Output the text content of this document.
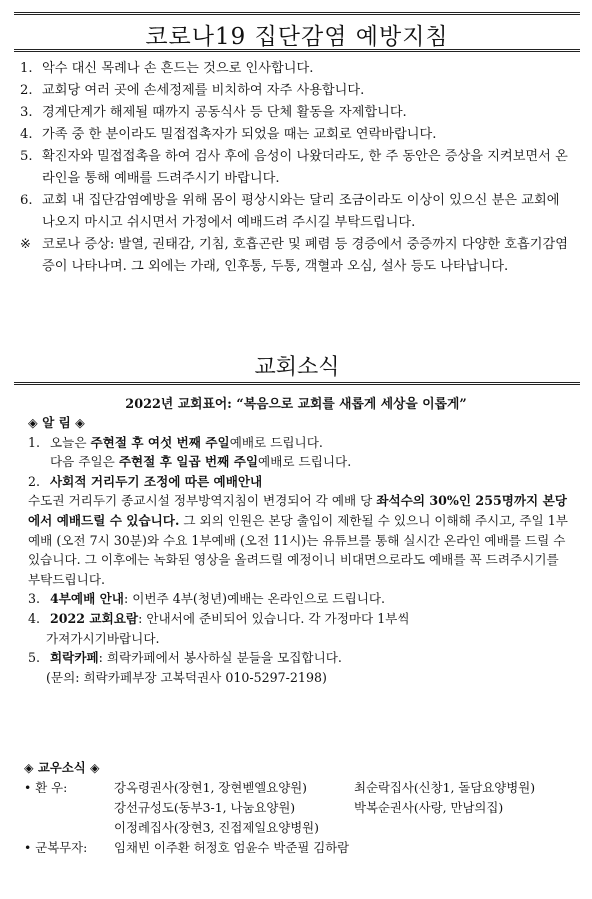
코로나19 집단감염 예방지침
1. 악수 대신 목례나 손 흔드는 것으로 인사합니다.
2. 교회당 여러 곳에 손세정제를 비치하여 자주 사용합니다.
3. 경계단계가 해제될 때까지 공동식사 등 단체 활동을 자제합니다.
4. 가족 중 한 분이라도 밀접접촉자가 되었을 때는 교회로 연락바랍니다.
5. 확진자와 밀접접촉을 하여 검사 후에 음성이 나왔더라도, 한 주 동안은 증상을 지켜보면서 온라인을 통해 예배를 드려주시기 바랍니다.
6. 교회 내 집단감염예방을 위해 몸이 평상시와는 달리 조금이라도 이상이 있으신 분은 교회에 나오지 마시고 쉬시면서 가정에서 예배드려 주시길 부탁드립니다.
※ 코로나 증상: 발열, 권태감, 기침, 호흡곤란 및 폐렴 등 경증에서 중증까지 다양한 호흡기감염증이 나타나며. 그 외에는 가래, 인후통, 두통, 객혈과 오심, 설사 등도 나타납니다.
교회소식
2022년 교회표어: “복음으로 교회를 새롭게 세상을 이롭게”
◈ 알 림 ◈
1. 오늘은 주현절 후 여섯 번째 주일예배로 드립니다.
다음 주일은 주현절 후 일곱 번째 주일예배로 드립니다.
2. 사회적 거리두기 조정에 따른 예배안내
수도권 거리두기 종교시설 정부방역지침이 변경되어 각 예배 당 좌석수의 30%인 255명까지 본당에서 예배드릴 수 있습니다. 그 외의 인원은 본당 출입이 제한될 수 있으니 이해해 주시고, 주일 1부예배 (오전 7시 30분)와 수요 1부예배 (오전 11시)는 유튜브를 통해 실시간 온라인 예배를 드릴 수 있습니다. 그 이후에는 녹화된 영상을 올려드릴 예정이니 비대면으로라도 예배를 꼭 드려주시기를 부탁드립니다.
3. 4부예배 안내: 이번주 4부(청년)예배는 온라인으로 드립니다.
4. 2022 교회요람: 안내서에 준비되어 있습니다. 각 가정마다 1부씩
가져가시기바랍니다.
5. 희락카페: 희락카페에서 봉사하실 분들을 모집합니다.
(문의: 희락카페부장 고복덕권사 010-5297-2198)
◈ 교우소식 ◈
• 환 우:	강옥령권사(장현1, 장현벧엘요양원)	최순락집사(신창1, 돌담요양병원)
강선규성도(동부3-1, 나눔요양원)	박복순권사(사랑, 만남의집)
이정례집사(장현3, 진접제일요양병원)
• 군복무자:	임채빈 이주환 허정호 엄윤수 박준필 김하람
